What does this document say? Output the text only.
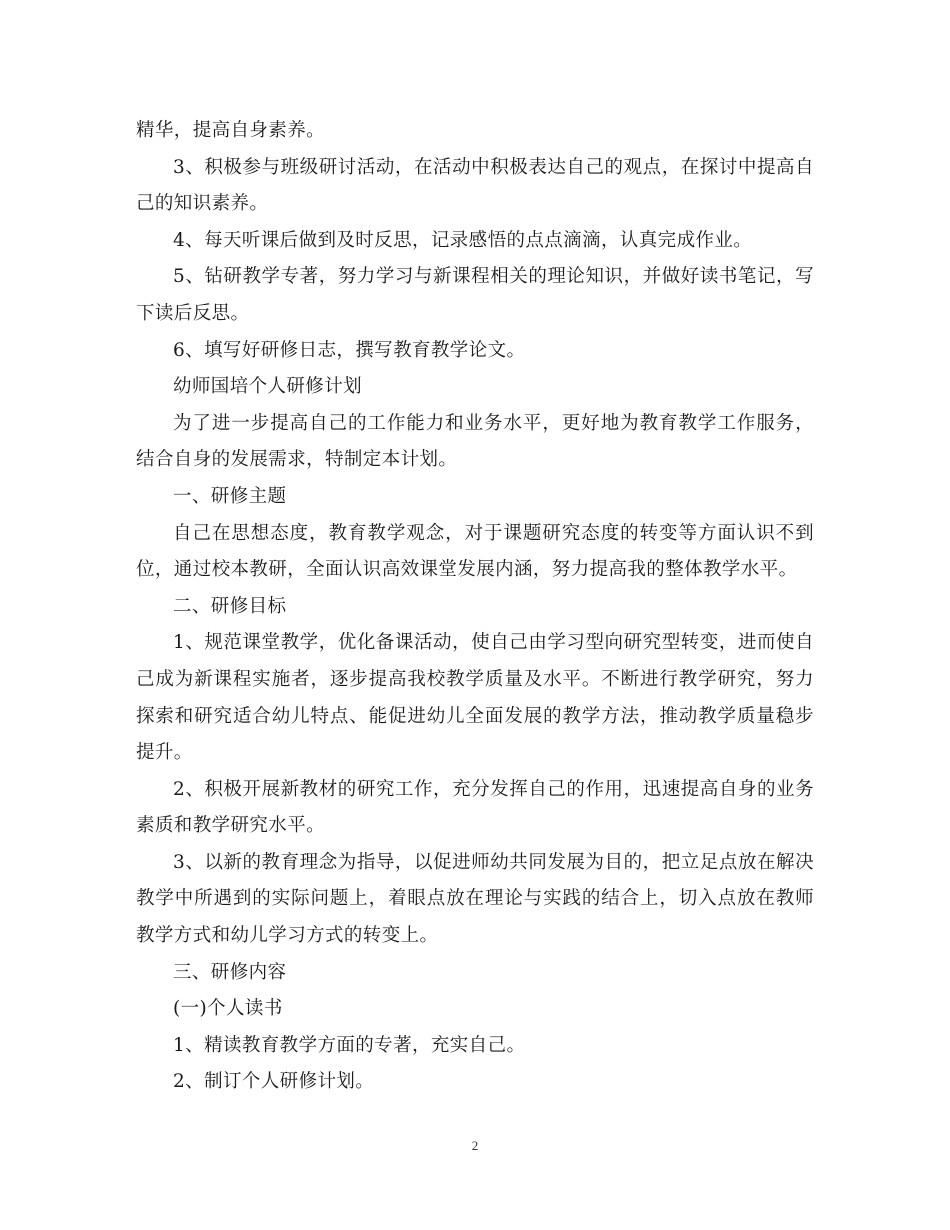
精华，提高自身素养。

3、积极参与班级研讨活动，在活动中积极表达自己的观点，在探讨中提高自己的知识素养。

4、每天听课后做到及时反思，记录感悟的点点滴滴，认真完成作业。

5、钻研教学专著，努力学习与新课程相关的理论知识，并做好读书笔记，写下读后反思。

6、填写好研修日志，撰写教育教学论文。

幼师国培个人研修计划

为了进一步提高自己的工作能力和业务水平，更好地为教育教学工作服务，结合自身的发展需求，特制定本计划。

一、研修主题

自己在思想态度，教育教学观念，对于课题研究态度的转变等方面认识不到位，通过校本教研，全面认识高效课堂发展内涵，努力提高我的整体教学水平。

二、研修目标

1、规范课堂教学，优化备课活动，使自己由学习型向研究型转变，进而使自己成为新课程实施者，逐步提高我校教学质量及水平。不断进行教学研究，努力探索和研究适合幼儿特点、能促进幼儿全面发展的教学方法，推动教学质量稳步提升。

2、积极开展新教材的研究工作，充分发挥自己的作用，迅速提高自身的业务素质和教学研究水平。

3、以新的教育理念为指导，以促进师幼共同发展为目的，把立足点放在解决教学中所遇到的实际问题上，着眼点放在理论与实践的结合上，切入点放在教师教学方式和幼儿学习方式的转变上。

三、研修内容

(一)个人读书

1、精读教育教学方面的专著，充实自己。

2、制订个人研修计划。

2
